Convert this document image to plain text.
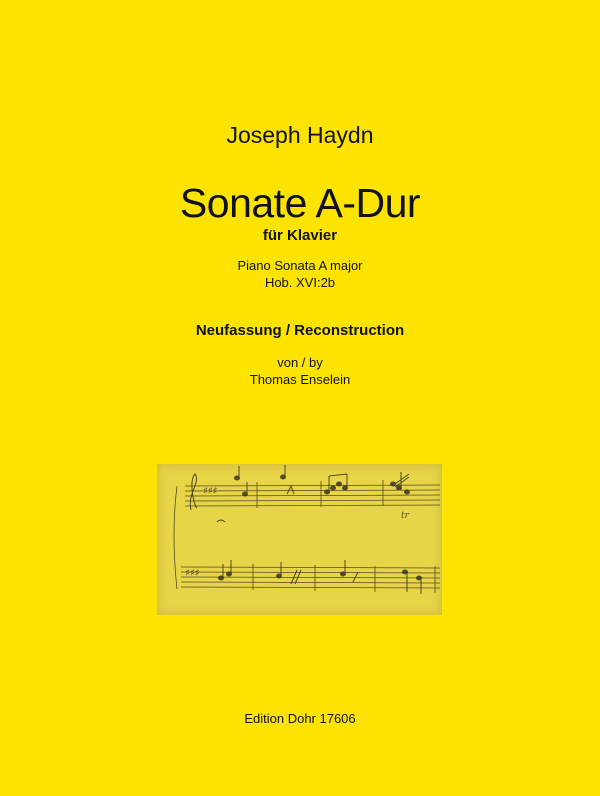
Joseph Haydn
Sonate A-Dur
für Klavier
Piano Sonata A major
Hob. XVI:2b
Neufassung / Reconstruction
von / by
Thomas Enselein
♯♯♯
tr
♯♯♯
Edition Dohr 17606
